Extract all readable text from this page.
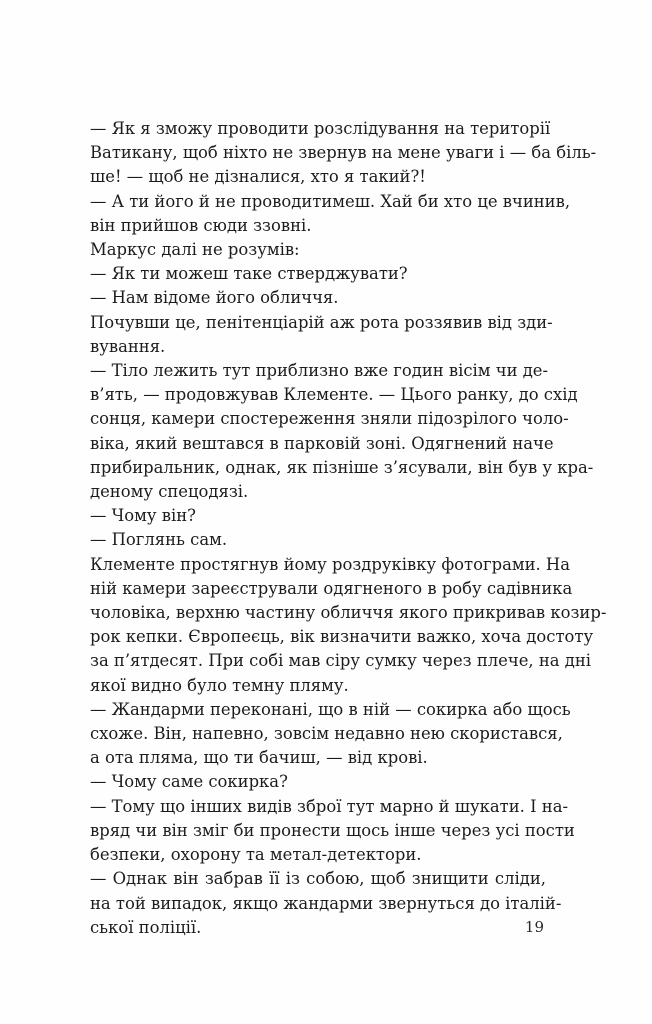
— Як я зможу проводити розслідування на території
Ватикану, щоб ніхто не звернув на мене уваги і — ба біль-
ше! — щоб не дізналися, хто я такий?!
— А ти його й не проводитимеш. Хай би хто це вчинив,
він прийшов сюди ззовні.
Маркус далі не розумів:
— Як ти можеш таке стверджувати?
— Нам відоме його обличчя.
Почувши це, пенітенціарій аж рота роззявив від зди-
вування.
— Тіло лежить тут приблизно вже годин вісім чи де-
в’ять, — продовжував Клементе. — Цього ранку, до схід
сонця, камери спостереження зняли підозрілого чоло-
віка, який вештався в парковій зоні. Одягнений наче
прибиральник, однак, як пізніше з’ясували, він був у кра-
деному спецодязі.
— Чому він?
— Поглянь сам.
Клементе простягнув йому роздруківку фотограми. На
ній камери зареєстрували одягненого в робу садівника
чоловіка, верхню частину обличчя якого прикривав козир-
рок кепки. Європеєць, вік визначити важко, хоча достоту
за п’ятдесят. При собі мав сіру сумку через плече, на дні
якої видно було темну пляму.
— Жандарми переконані, що в ній — сокирка або щось
схоже. Він, напевно, зовсім недавно нею скористався,
а ота пляма, що ти бачиш, — від крові.
— Чому саме сокирка?
— Тому що інших видів зброї тут марно й шукати. І на-
вряд чи він зміг би пронести щось інше через усі пости
безпеки, охорону та метал-детектори.
— Однак він забрав її із собою, щоб знищити сліди,
на той випадок, якщо жандарми звернуться до італій-
ської поліції.	19
